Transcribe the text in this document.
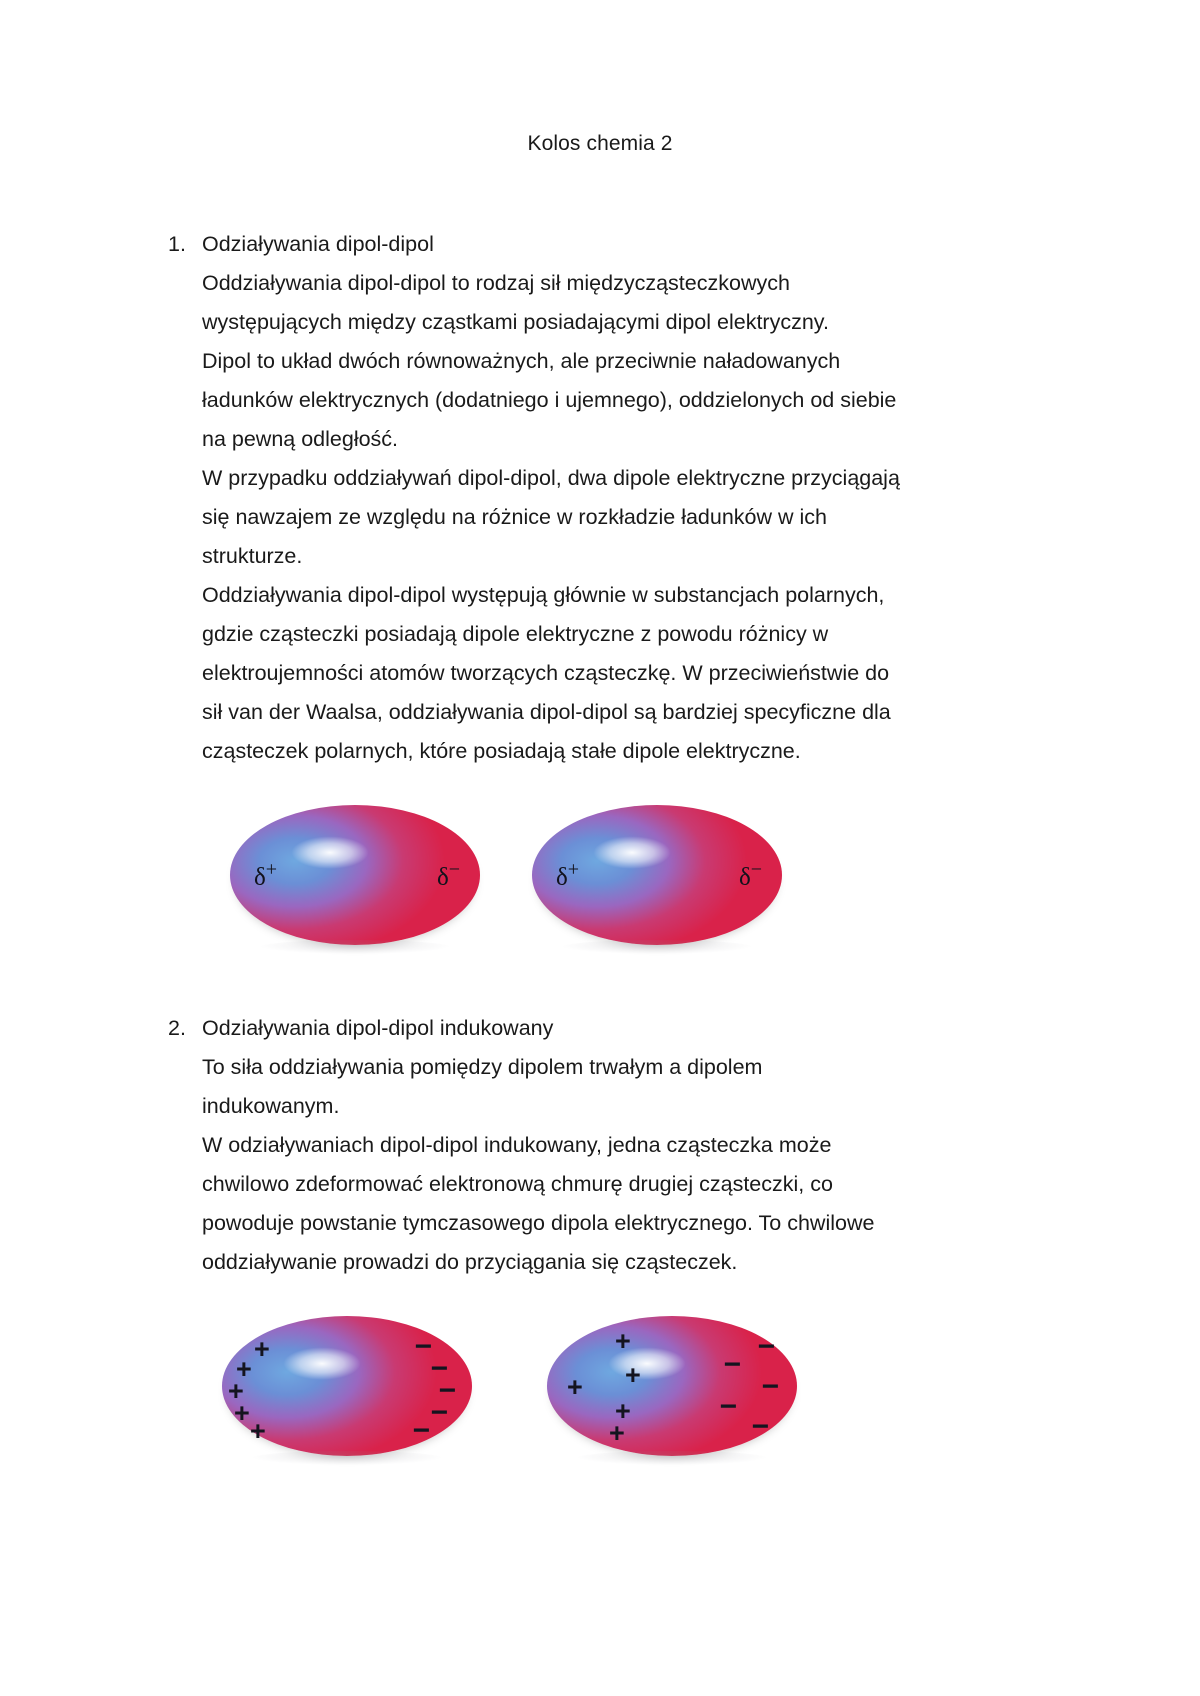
Kolos chemia 2
1. Odziaływania dipol-dipol
Oddziaływania dipol-dipol to rodzaj sił międzycząsteczkowych
występujących między cząstkami posiadającymi dipol elektryczny.
Dipol to układ dwóch równoważnych, ale przeciwnie naładowanych
ładunków elektrycznych (dodatniego i ujemnego), oddzielonych od siebie
na pewną odległość.
W przypadku oddziaływań dipol-dipol, dwa dipole elektryczne przyciągają
się nawzajem ze względu na różnice w rozkładzie ładunków w ich
strukturze.
Oddziaływania dipol-dipol występują głównie w substancjach polarnych,
gdzie cząsteczki posiadają dipole elektryczne z powodu różnicy w
elektroujemności atomów tworzących cząsteczkę. W przeciwieństwie do
sił van der Waalsa, oddziaływania dipol-dipol są bardziej specyficzne dla
cząsteczek polarnych, które posiadają stałe dipole elektryczne.
δ+	δ−	δ+	δ−
2. Odziaływania dipol-dipol indukowany
To siła oddziaływania pomiędzy dipolem trwałym a dipolem
indukowanym.
W odziaływaniach dipol-dipol indukowany, jedna cząsteczka może
chwilowo zdeformować elektronową chmurę drugiej cząsteczki, co
powoduje powstanie tymczasowego dipola elektrycznego. To chwilowe
oddziaływanie prowadzi do przyciągania się cząsteczek.
+
+
+
+
+
−
−
−
−
−
+
+
+
+
+
−
−
−
−
−
